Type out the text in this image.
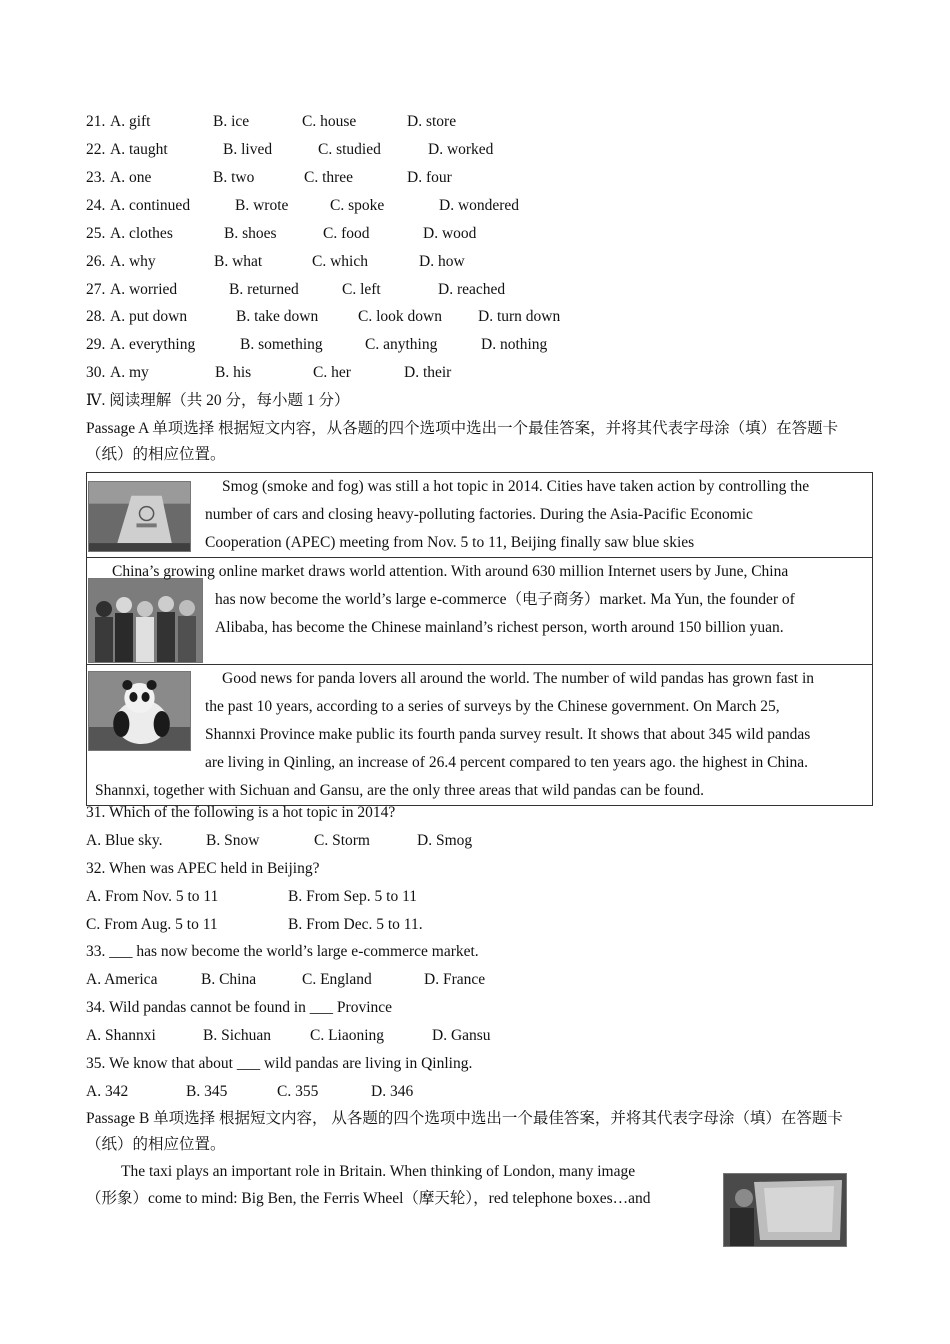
21. A. gift	B. ice	C. house	D. store
22. A. taught	B. lived	C. studied	D. worked
23. A. one	B. two	C. three	D. four
24. A. continued	B. wrote	C. spoke	D. wondered
25. A. clothes	B. shoes	C. food	D. wood
26. A. why	B. what	C. which	D. how
27. A. worried	B. returned	C. left	D. reached
28. A. put down	B. take down	C. look down D. turn down
29. A. everything	B. something	C. anything	D. nothing
30. A. my	B. his	C. her	D. their
Ⅳ. 阅读理解（共 20 分，每小题 1 分）
Passage A 单项选择 根据短文内容，从各题的四个选项中选出一个最佳答案，并将其代表字母涂（填）在答题卡（纸）的相应位置。
Smog (smoke and fog) was still a hot topic in 2014. Cities have taken action by controlling the
number of cars and closing heavy-polluting factories. During the Asia-Pacific Economic
Cooperation (APEC) meeting from Nov. 5 to 11, Beijing finally saw blue skies

China’s growing online market draws world attention. With around 630 million Internet users by June, China
has now become the world’s large e-commerce（电子商务）market. Ma Yun, the founder of
Alibaba, has become the Chinese mainland’s richest person, worth around 150 billion yuan.

Good news for panda lovers all around the world. The number of wild pandas has grown fast in
the past 10 years, according to a series of surveys by the Chinese government. On March 25,
Shannxi Province make public its fourth panda survey result. It shows that about 345 wild pandas
are living in Qinling, an increase of 26.4 percent compared to ten years ago. the highest in China.
Shannxi, together with Sichuan and Gansu, are the only three areas that wild pandas can be found.
31. Which of the following is a hot topic in 2014?
A. Blue sky.	B. Snow	C. Storm	D. Smog
32. When was APEC held in Beijing?
A. From Nov. 5 to 11	B. From Sep. 5 to 11
C. From Aug. 5 to 11	B. From Dec. 5 to 11.
33. ___ has now become the world’s large e-commerce market.
A. America	B. China	C. England	D. France
34. Wild pandas cannot be found in ___ Province
A. Shannxi	B. Sichuan	C. Liaoning	D. Gansu
35. We know that about ___ wild pandas are living in Qinling.
A. 342	B. 345	C. 355	D. 346
Passage B 单项选择 根据短文内容， 从各题的四个选项中选出一个最佳答案，并将其代表字母涂（填）在答题卡（纸）的相应位置。
The taxi plays an important role in Britain. When thinking of London, many image
（形象）come to mind: Big Ben, the Ferris Wheel（摩天轮），red telephone boxes…and
